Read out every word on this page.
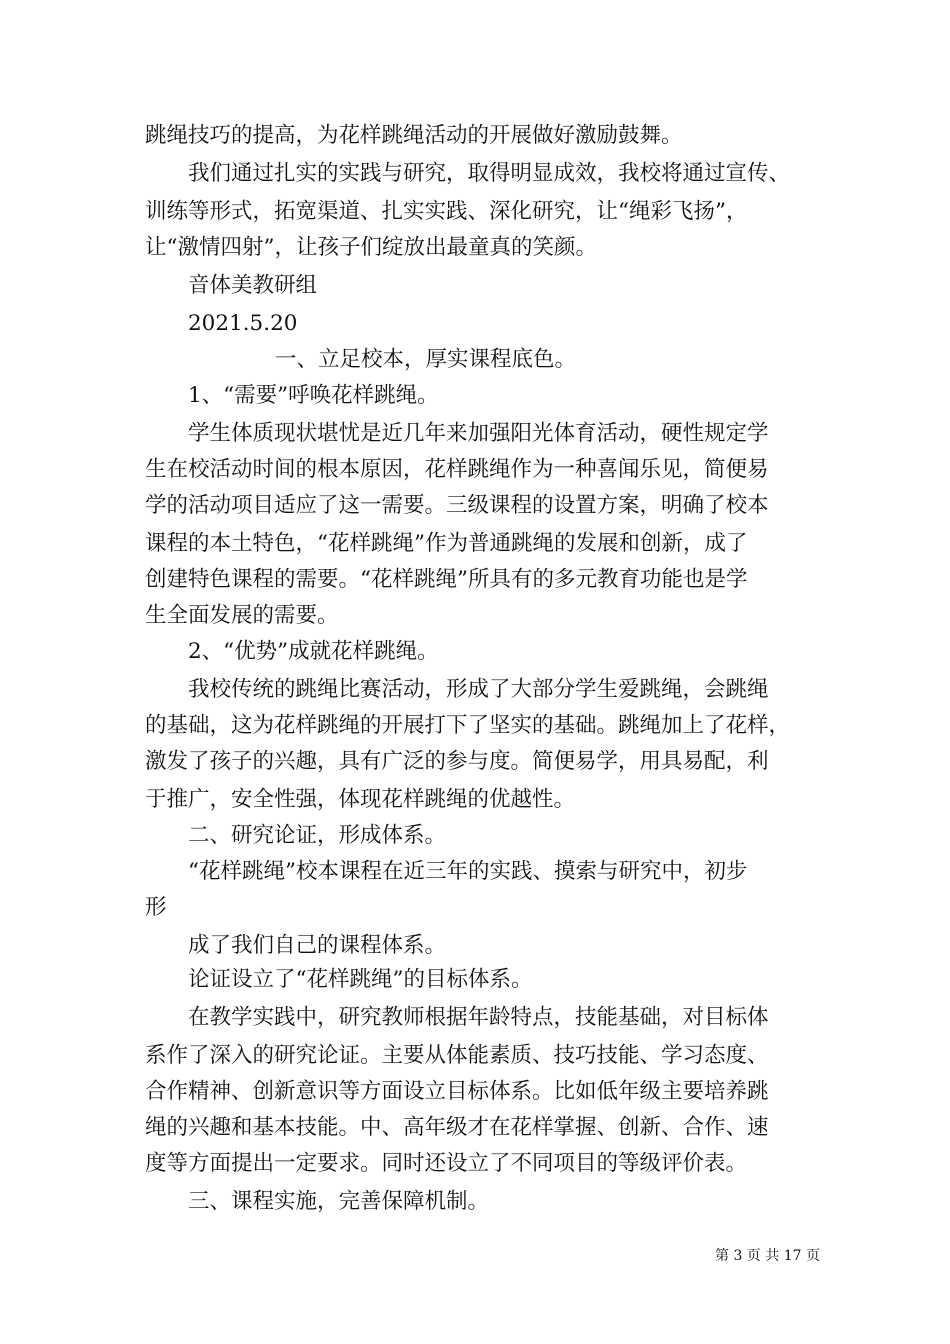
跳绳技巧的提高，为花样跳绳活动的开展做好激励鼓舞。
我们通过扎实的实践与研究，取得明显成效，我校将通过宣传、
训练等形式，拓宽渠道、扎实实践、深化研究，让“绳彩飞扬”，
让“激情四射”，让孩子们绽放出最童真的笑颜。
音体美教研组
2021.5.20
一、立足校本，厚实课程底色。
1、“需要”呼唤花样跳绳。
学生体质现状堪忧是近几年来加强阳光体育活动，硬性规定学
生在校活动时间的根本原因，花样跳绳作为一种喜闻乐见，简便易
学的活动项目适应了这一需要。三级课程的设置方案，明确了校本
课程的本土特色，“花样跳绳”作为普通跳绳的发展和创新，成了
创建特色课程的需要。“花样跳绳”所具有的多元教育功能也是学
生全面发展的需要。
2、“优势”成就花样跳绳。
我校传统的跳绳比赛活动，形成了大部分学生爱跳绳，会跳绳
的基础，这为花样跳绳的开展打下了坚实的基础。跳绳加上了花样，
激发了孩子的兴趣，具有广泛的参与度。简便易学，用具易配，利
于推广，安全性强，体现花样跳绳的优越性。
二、研究论证，形成体系。
“花样跳绳”校本课程在近三年的实践、摸索与研究中，初步
形
成了我们自己的课程体系。
论证设立了“花样跳绳”的目标体系。
在教学实践中，研究教师根据年龄特点，技能基础，对目标体
系作了深入的研究论证。主要从体能素质、技巧技能、学习态度、
合作精神、创新意识等方面设立目标体系。比如低年级主要培养跳
绳的兴趣和基本技能。中、高年级才在花样掌握、创新、合作、速
度等方面提出一定要求。同时还设立了不同项目的等级评价表。
三、课程实施，完善保障机制。
第 3 页 共 17 页
